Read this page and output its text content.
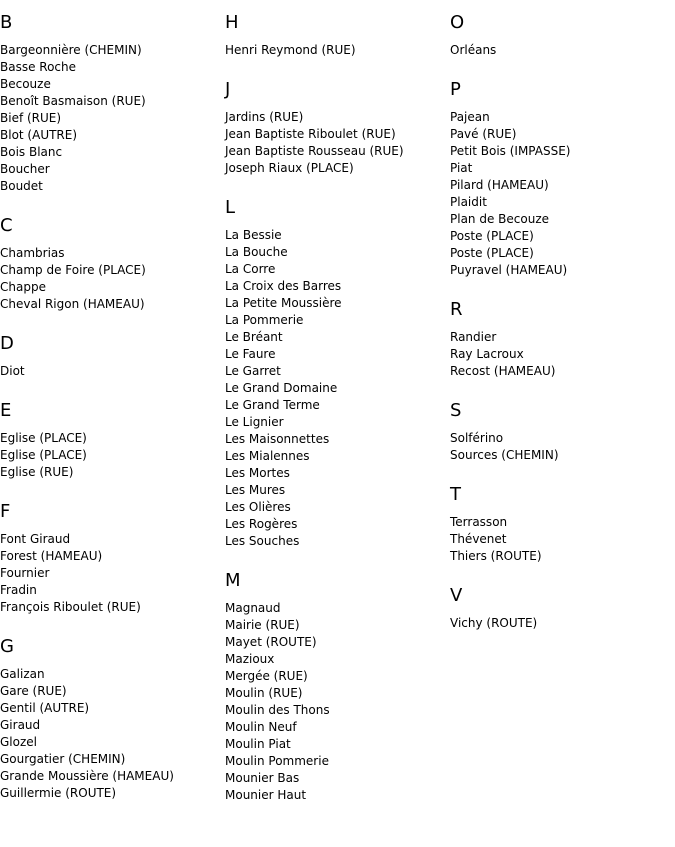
B
Bargeonnière (CHEMIN)
Basse Roche
Becouze
Benoît Basmaison (RUE)
Bief (RUE)
Blot (AUTRE)
Bois Blanc
Boucher
Boudet
C
Chambrias
Champ de Foire (PLACE)
Chappe
Cheval Rigon (HAMEAU)
D
Diot
E
Eglise (PLACE)
Eglise (PLACE)
Eglise (RUE)
F
Font Giraud
Forest (HAMEAU)
Fournier
Fradin
François Riboulet (RUE)
G
Galizan
Gare (RUE)
Gentil (AUTRE)
Giraud
Glozel
Gourgatier (CHEMIN)
Grande Moussière (HAMEAU)
Guillermie (ROUTE)
H
Henri Reymond (RUE)
J
Jardins (RUE)
Jean Baptiste Riboulet (RUE)
Jean Baptiste Rousseau (RUE)
Joseph Riaux (PLACE)
L
La Bessie
La Bouche
La Corre
La Croix des Barres
La Petite Moussière
La Pommerie
Le Bréant
Le Faure
Le Garret
Le Grand Domaine
Le Grand Terme
Le Lignier
Les Maisonnettes
Les Mialennes
Les Mortes
Les Mures
Les Olières
Les Rogères
Les Souches
M
Magnaud
Mairie (RUE)
Mayet (ROUTE)
Mazioux
Mergée (RUE)
Moulin (RUE)
Moulin des Thons
Moulin Neuf
Moulin Piat
Moulin Pommerie
Mounier Bas
Mounier Haut
O
Orléans
P
Pajean
Pavé (RUE)
Petit Bois (IMPASSE)
Piat
Pilard (HAMEAU)
Plaidit
Plan de Becouze
Poste (PLACE)
Poste (PLACE)
Puyravel (HAMEAU)
R
Randier
Ray Lacroux
Recost (HAMEAU)
S
Solférino
Sources (CHEMIN)
T
Terrasson
Thévenet
Thiers (ROUTE)
V
Vichy (ROUTE)
